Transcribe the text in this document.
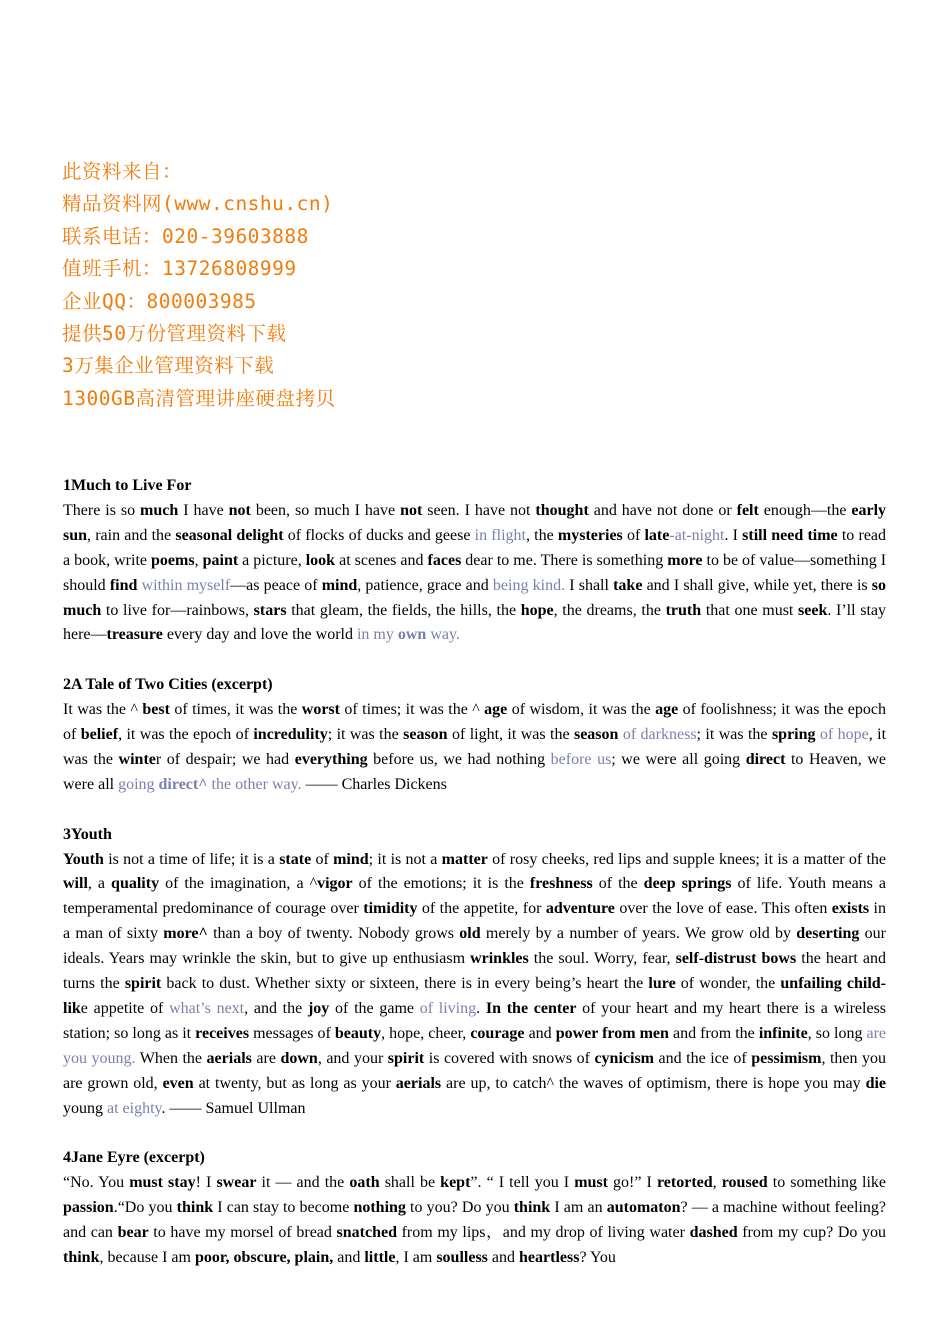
此资料来自：
精品资料网(www.cnshu.cn)
联系电话：020-39603888
值班手机：13726808999
企业QQ：800003985
提供50万份管理资料下载
3万集企业管理资料下载
1300GB高清管理讲座硬盘拷贝
1Much to Live For
There is so much I have not been, so much I have not seen. I have not thought and have not done or felt enough—the early sun, rain and the seasonal delight of flocks of ducks and geese in flight, the mysteries of late-at-night. I still need time to read a book, write poems, paint a picture, look at scenes and faces dear to me. There is something more to be of value—something I should find within myself—as peace of mind, patience, grace and being kind. I shall take and I shall give, while yet, there is so much to live for—rainbows, stars that gleam, the fields, the hills, the hope, the dreams, the truth that one must seek. I’ll stay here—treasure every day and love the world in my own way.
2A Tale of Two Cities (excerpt)
It was the ^ best of times, it was the worst of times; it was the ^ age of wisdom, it was the age of foolishness; it was the epoch of belief, it was the epoch of incredulity; it was the season of light, it was the season of darkness; it was the spring of hope, it was the winter of despair; we had everything before us, we had nothing before us; we were all going direct to Heaven, we were all going direct^ the other way. —— Charles Dickens
3Youth
Youth is not a time of life; it is a state of mind; it is not a matter of rosy cheeks, red lips and supple knees; it is a matter of the will, a quality of the imagination, a ^vigor of the emotions; it is the freshness of the deep springs of life. Youth means a temperamental predominance of courage over timidity of the appetite, for adventure over the love of ease. This often exists in a man of sixty more^ than a boy of twenty. Nobody grows old merely by a number of years. We grow old by deserting our ideals. Years may wrinkle the skin, but to give up enthusiasm wrinkles the soul. Worry, fear, self-distrust bows the heart and turns the spirit back to dust. Whether sixty or sixteen, there is in every being’s heart the lure of wonder, the unfailing child-like appetite of what’s next, and the joy of the game of living. In the center of your heart and my heart there is a wireless station; so long as it receives messages of beauty, hope, cheer, courage and power from men and from the infinite, so long are you young. When the aerials are down, and your spirit is covered with snows of cynicism and the ice of pessimism, then you are grown old, even at twenty, but as long as your aerials are up, to catch^ the waves of optimism, there is hope you may die young at eighty. —— Samuel Ullman
4Jane Eyre (excerpt)
“No. You must stay! I swear it — and the oath shall be kept”. “ I tell you I must go!” I retorted, roused to something like passion.“Do you think I can stay to become nothing to you? Do you think I am an automaton? — a machine without feeling? and can bear to have my morsel of bread snatched from my lips，and my drop of living water dashed from my cup? Do you think, because I am poor, obscure, plain, and little, I am soulless and heartless? You
